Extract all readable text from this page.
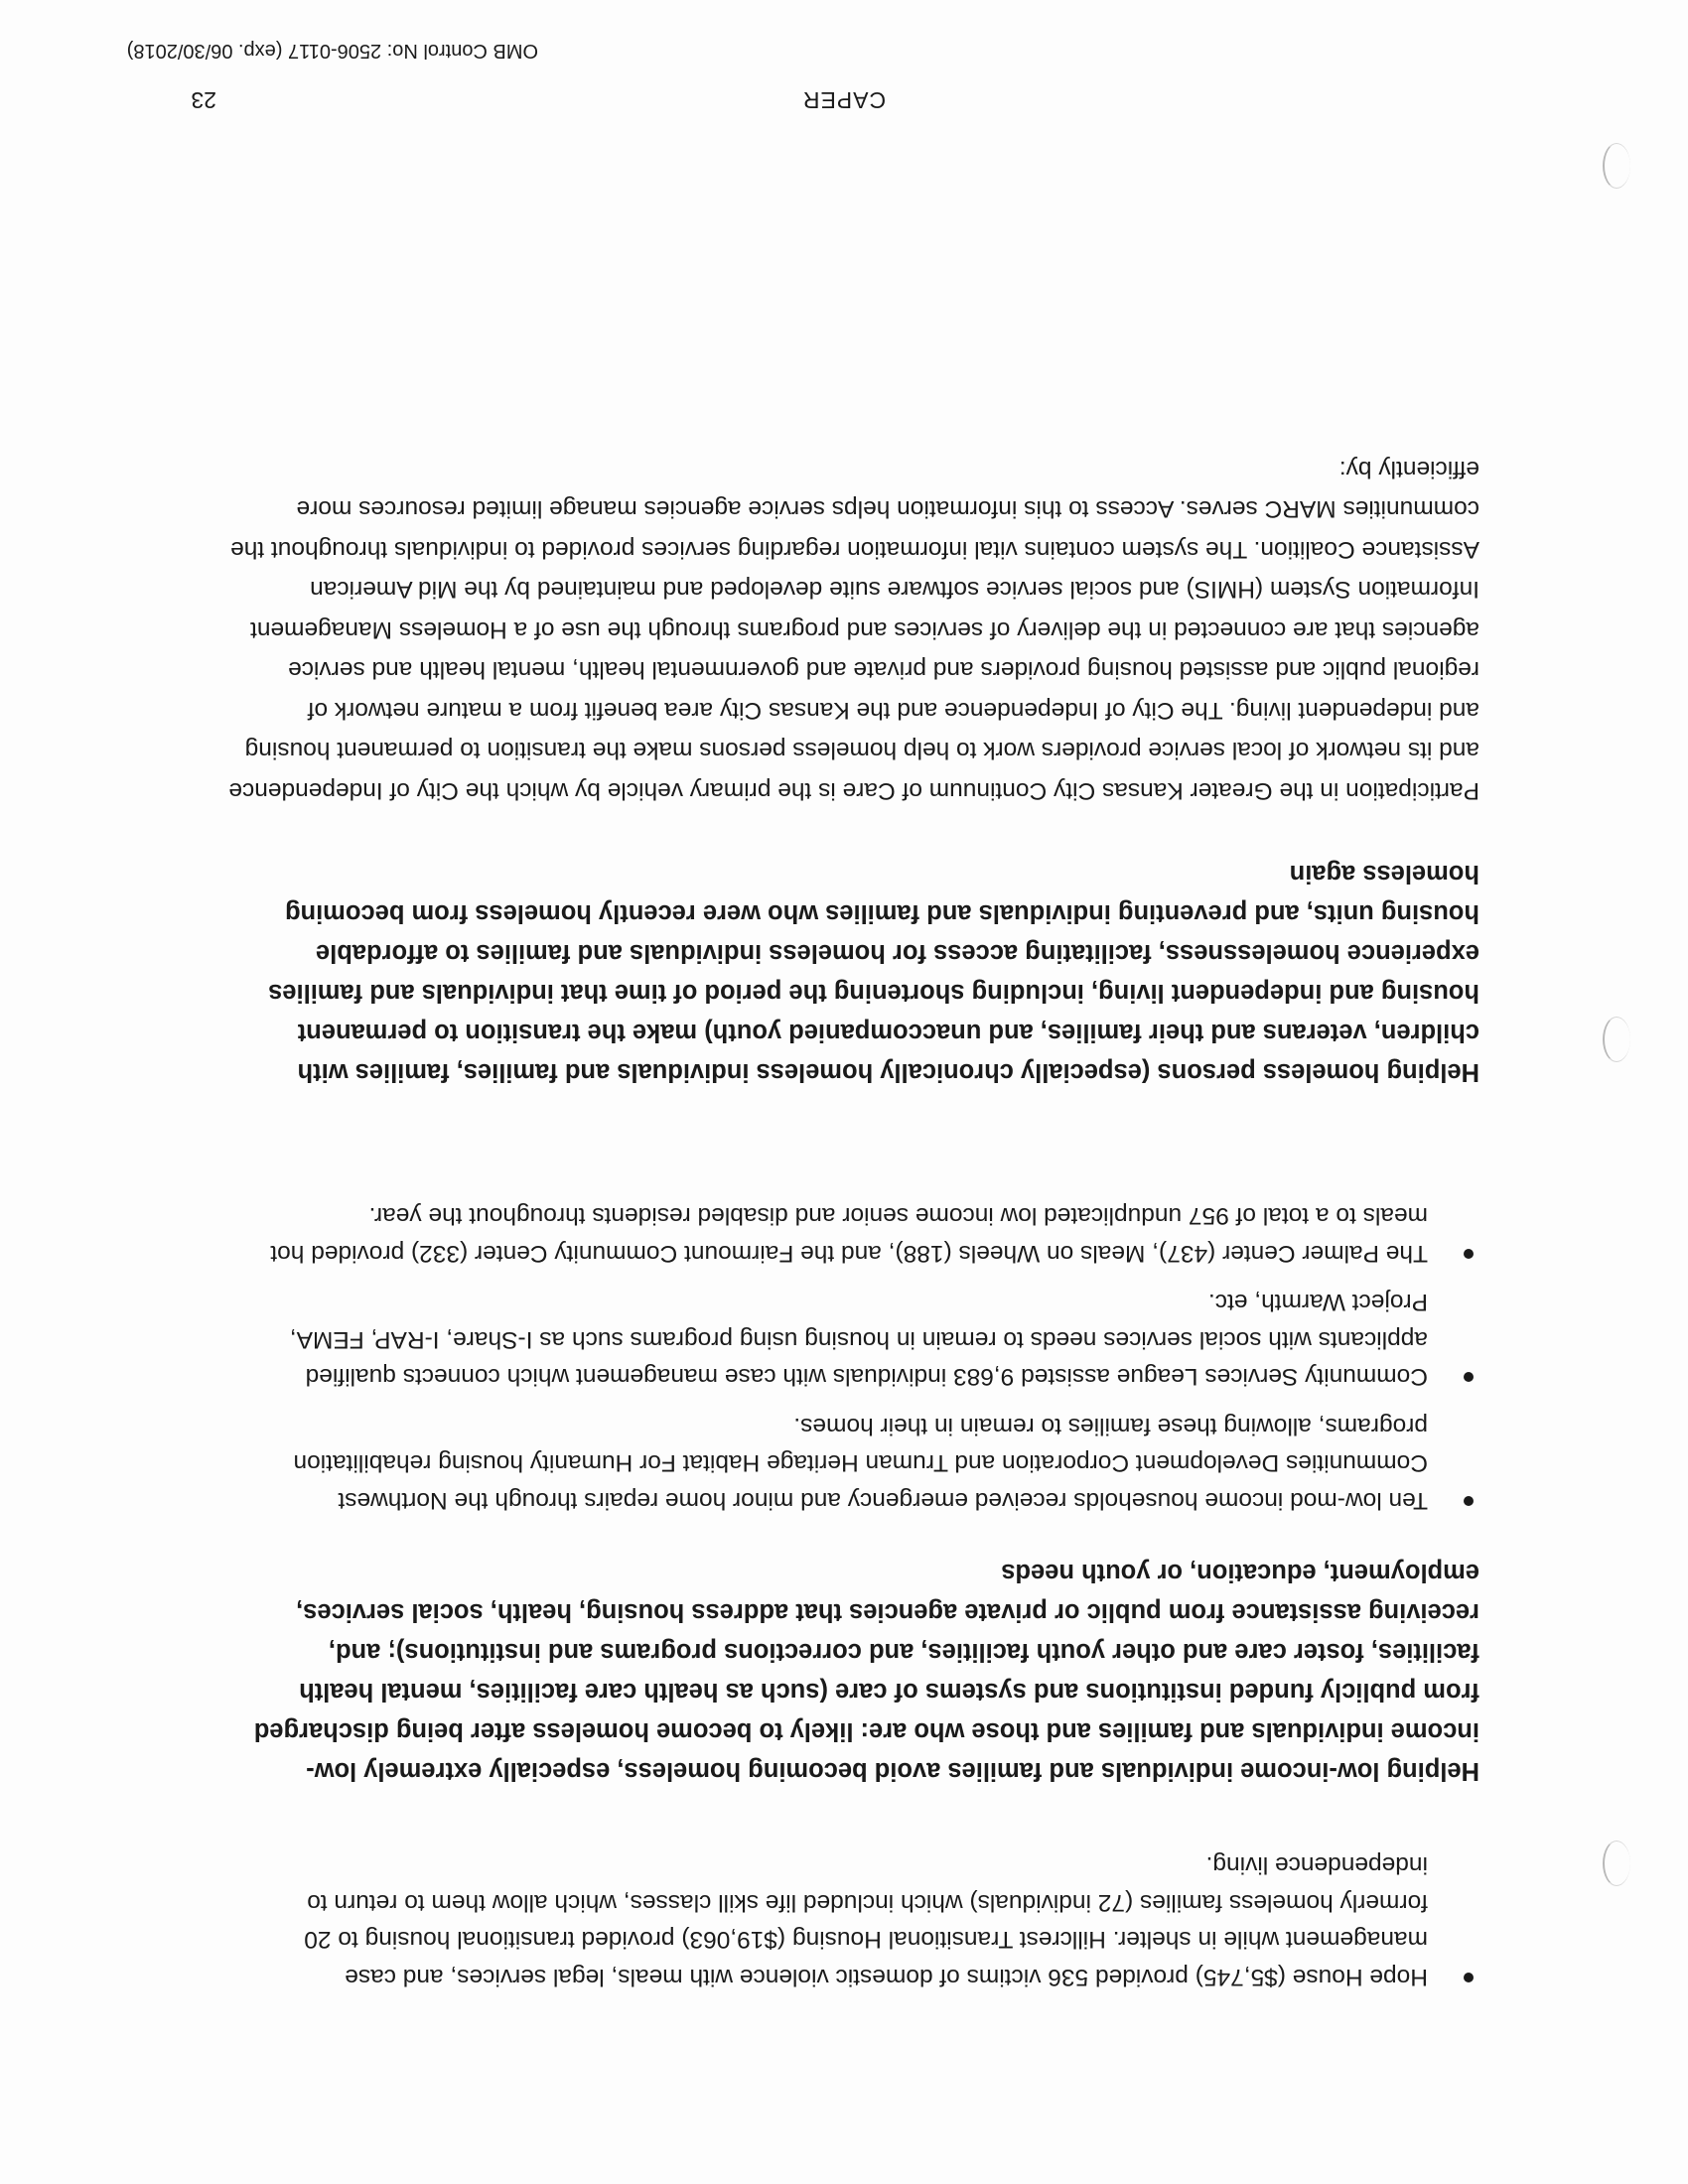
Hope House ($5,745) provided 536 victims of domestic violence with meals, legal services, and case management while in shelter. Hillcrest Transitional Housing ($19,063) provided transitional housing to 20 formerly homeless families (72 individuals) which included life skill classes, which allow them to return to independence living.

Helping low-income individuals and families avoid becoming homeless, especially extremely low-income individuals and families and those who are: likely to become homeless after being discharged from publicly funded institutions and systems of care (such as health care facilities, mental health facilities, foster care and other youth facilities, and corrections programs and institutions); and, receiving assistance from public or private agencies that address housing, health, social services, employment, education, or youth needs

Ten low-mod income households received emergency and minor home repairs through the Northwest Communities Development Corporation and Truman Heritage Habitat For Humanity housing rehabilitation programs, allowing these families to remain in their homes.
Community Services League assisted 9,683 individuals with case management which connects qualified applicants with social services needs to remain in housing using programs such as I-Share, I-RAP, FEMA, Project Warmth, etc.
The Palmer Center (437), Meals on Wheels (188), and the Fairmount Community Center (332) provided hot meals to a total of 957 unduplicated low income senior and disabled residents throughout the year.

Helping homeless persons (especially chronically homeless individuals and families, families with children, veterans and their families, and unaccompanied youth) make the transition to permanent housing and independent living, including shortening the period of time that individuals and families experience homelessness, facilitating access for homeless individuals and families to affordable housing units, and preventing individuals and families who were recently homeless from becoming homeless again

Participation in the Greater Kansas City Continuum of Care is the primary vehicle by which the City of Independence and its network of local service providers work to help homeless persons make the transition to permanent housing and independent living. The City of Independence and the Kansas City area benefit from a mature network of regional public and assisted housing providers and private and governmental health, mental health and service agencies that are connected in the delivery of services and programs through the use of a Homeless Management Information System (HMIS) and social service software suite developed and maintained by the Mid American Assistance Coalition. The system contains vital information regarding services provided to individuals throughout the communities MARC serves. Access to this information helps service agencies manage limited resources more efficiently by:

CAPER

23

OMB Control No: 2506-0117 (exp. 06/30/2018)
